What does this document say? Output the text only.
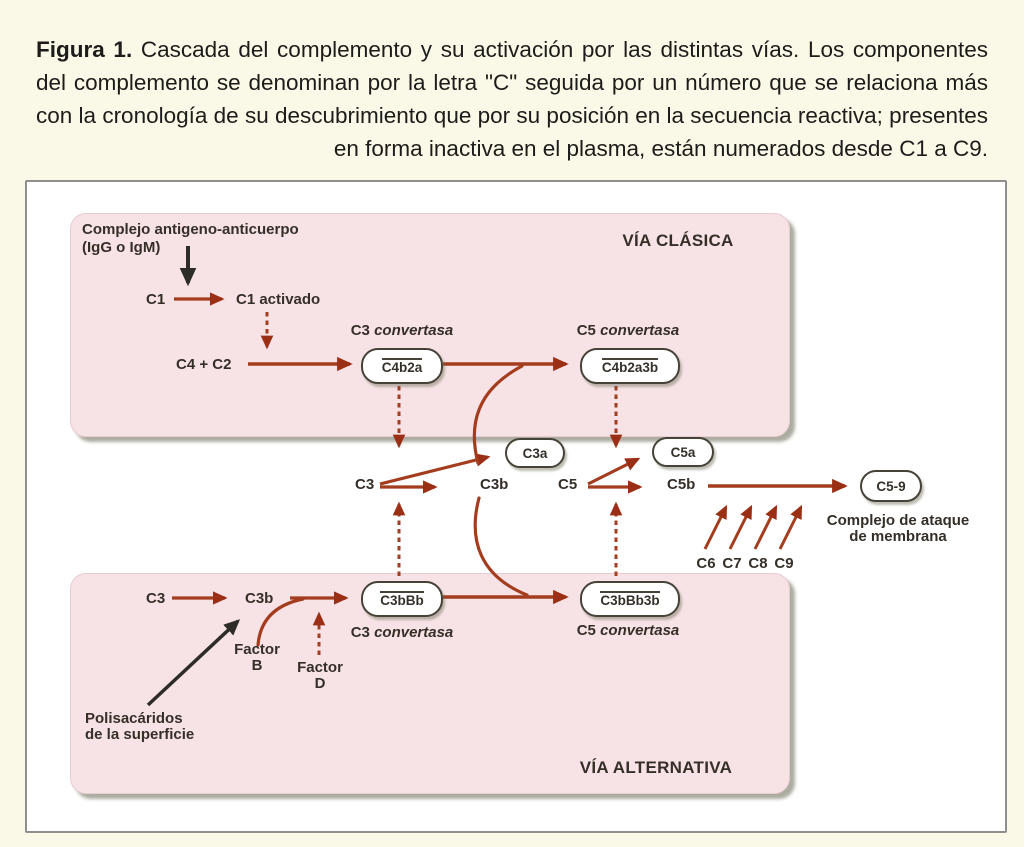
Figura 1. Cascada del complemento y su activación por las distintas vías. Los componentes del complemento se denominan por la letra "C" seguida por un número que se relaciona más con la cronología de su descubrimiento que por su posición en la secuencia reactiva; presentes en forma inactiva en el plasma, están numerados desde C1 a C9.

Complejo antigeno-anticuerpo
(IgG o IgM)
C1	C1 activado
C4 + C2
C3 convertasa	C5 convertasa
VÍA CLÁSICA
C4b2a	C4b2a3b
C3	C3b
C3a
C5	C5b
C5a
C5-9
Complejo de ataque
de membrana
C6 C7 C8 C9
C3	C3b	C3bBb	C3bBb3b
C3 convertasa	C5 convertasa
Factor
B	Factor
D
Polisacáridos
de la superficie
VÍA ALTERNATIVA
